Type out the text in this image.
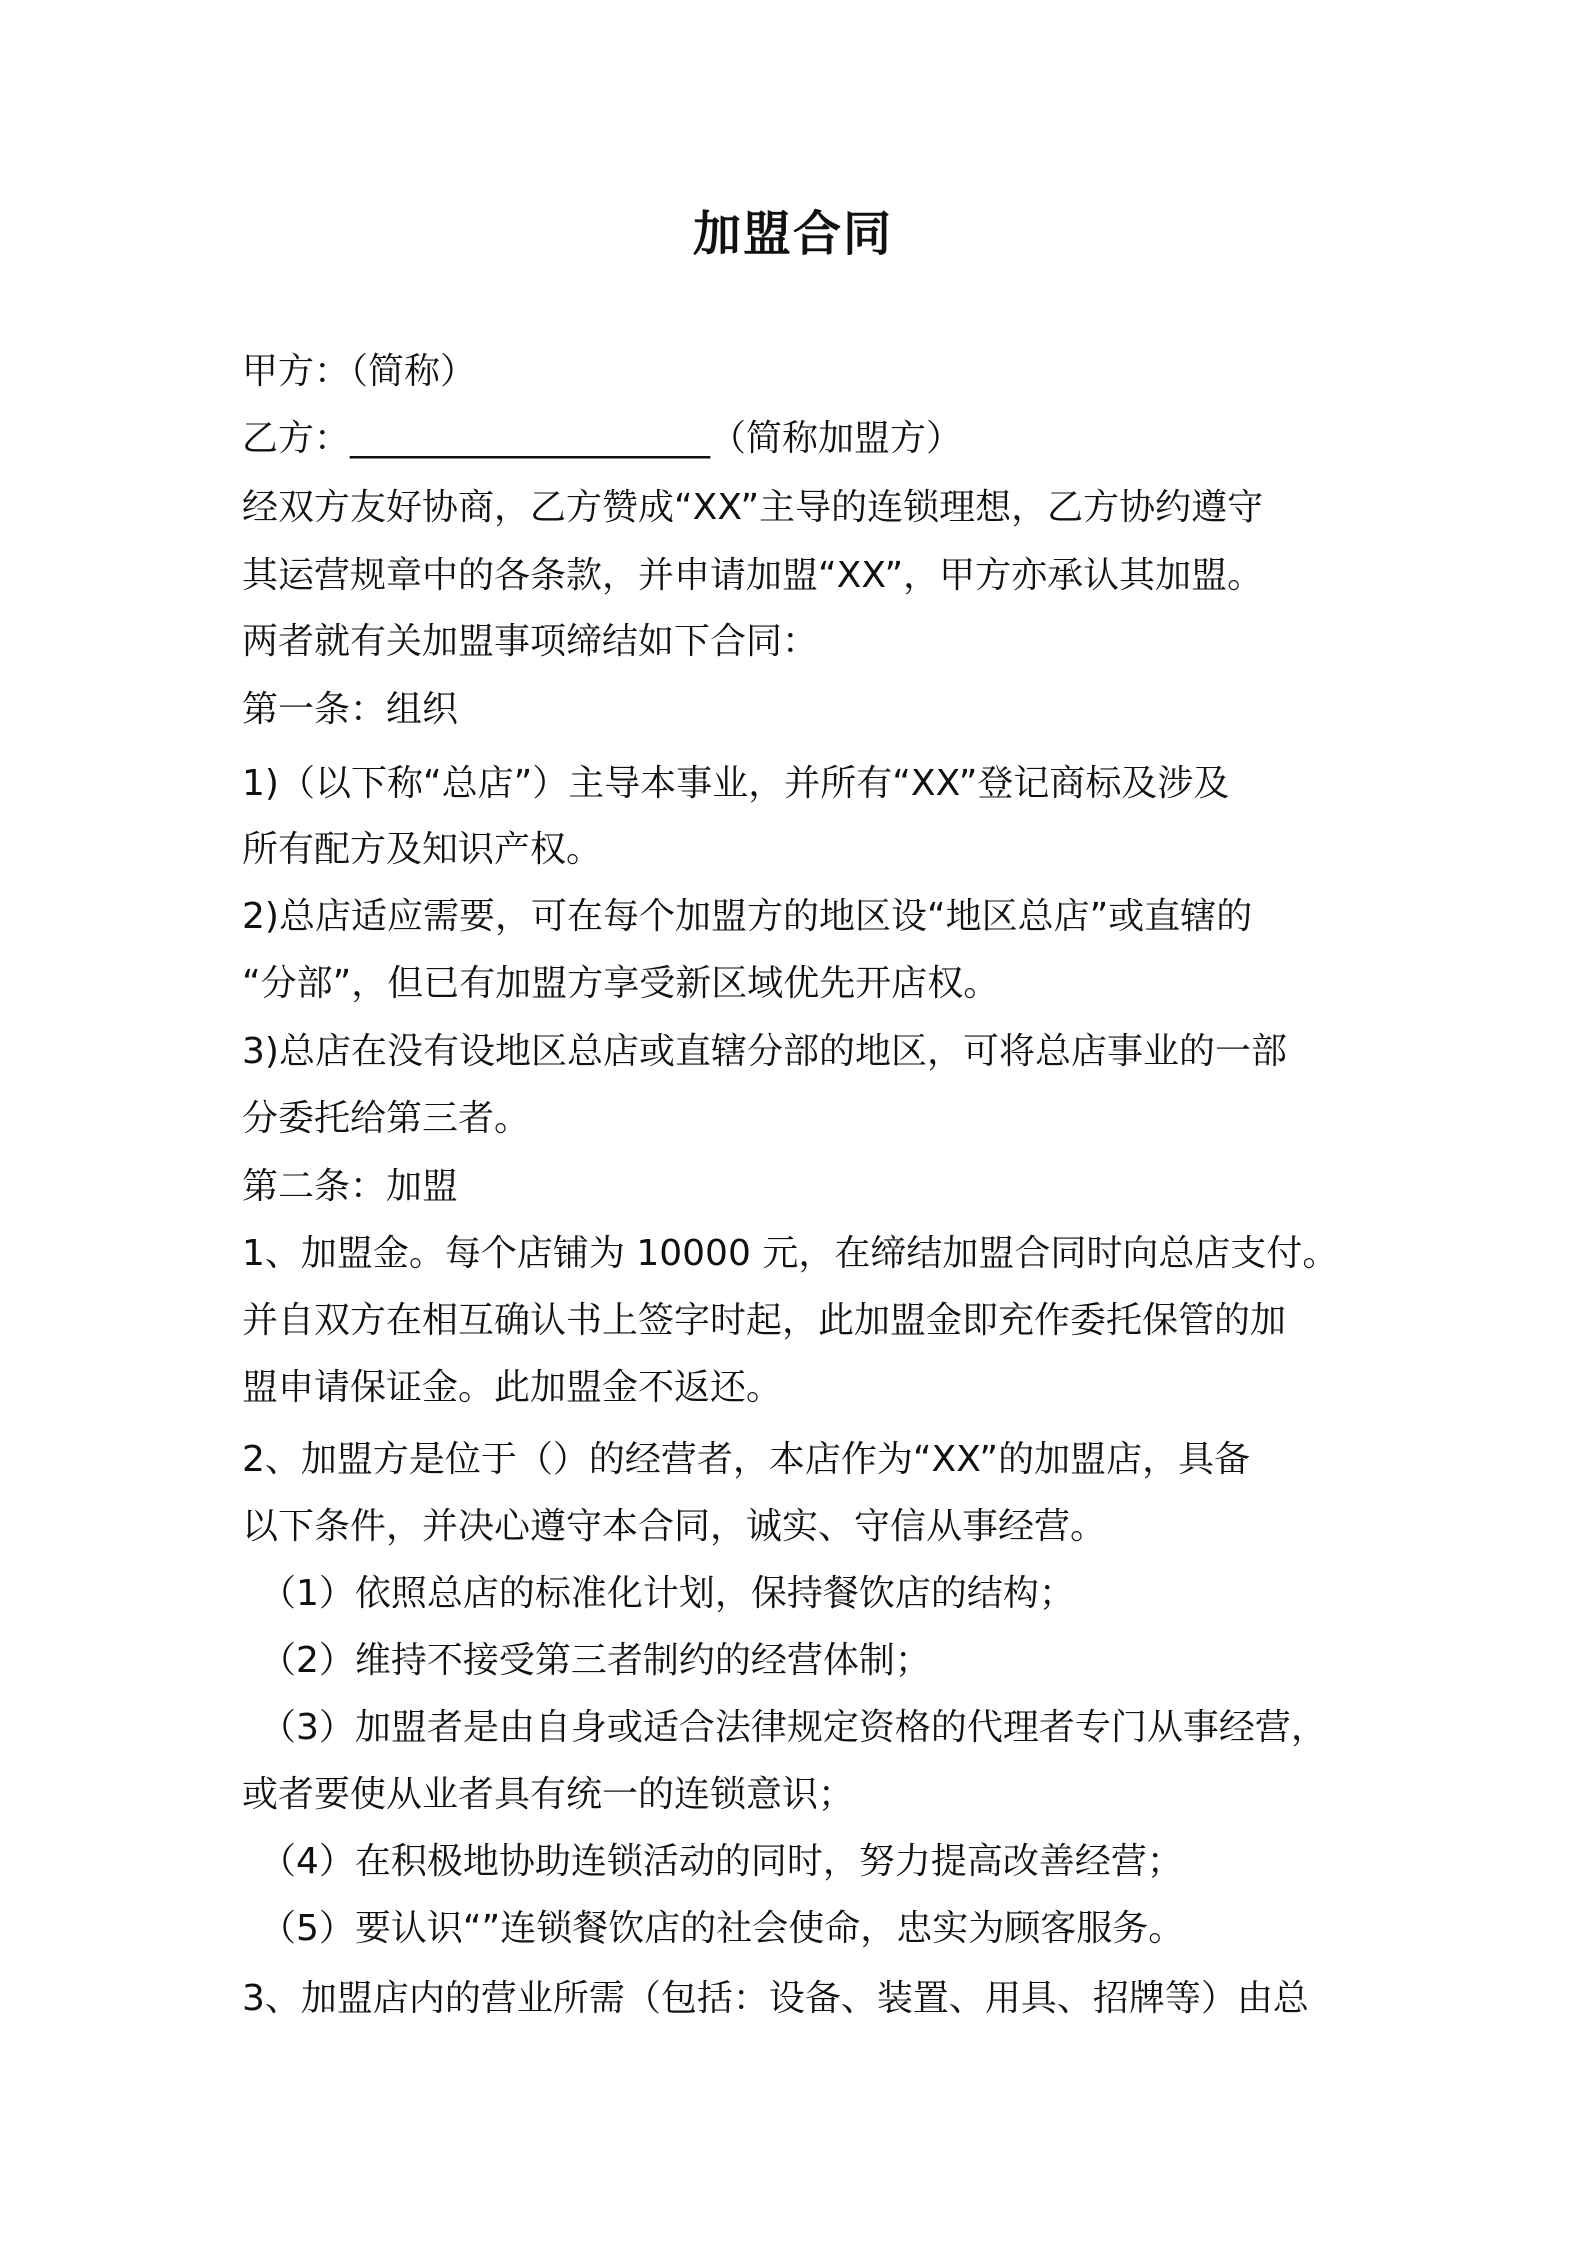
加盟合同
甲方：（简称）
乙方：____________________（简称加盟方）
经双方友好协商，乙方赞成“XX”主导的连锁理想，乙方协约遵守
其运营规章中的各条款，并申请加盟“XX”，甲方亦承认其加盟。
两者就有关加盟事项缔结如下合同：
第一条：组织
1)（以下称“总店”）主导本事业，并所有“XX”登记商标及涉及
所有配方及知识产权。
2)总店适应需要，可在每个加盟方的地区设“地区总店”或直辖的
“分部”，但已有加盟方享受新区域优先开店权。
3)总店在没有设地区总店或直辖分部的地区，可将总店事业的一部
分委托给第三者。
第二条：加盟
1、加盟金。每个店铺为 10000 元，在缔结加盟合同时向总店支付。
并自双方在相互确认书上签字时起，此加盟金即充作委托保管的加
盟申请保证金。此加盟金不返还。
2、加盟方是位于（）的经营者，本店作为“XX”的加盟店，具备
以下条件，并决心遵守本合同，诚实、守信从事经营。
（1）依照总店的标准化计划，保持餐饮店的结构；
（2）维持不接受第三者制约的经营体制；
（3）加盟者是由自身或适合法律规定资格的代理者专门从事经营，
或者要使从业者具有统一的连锁意识；
（4）在积极地协助连锁活动的同时，努力提高改善经营；
（5）要认识“”连锁餐饮店的社会使命，忠实为顾客服务。
3、加盟店内的营业所需（包括：设备、装置、用具、招牌等）由总
